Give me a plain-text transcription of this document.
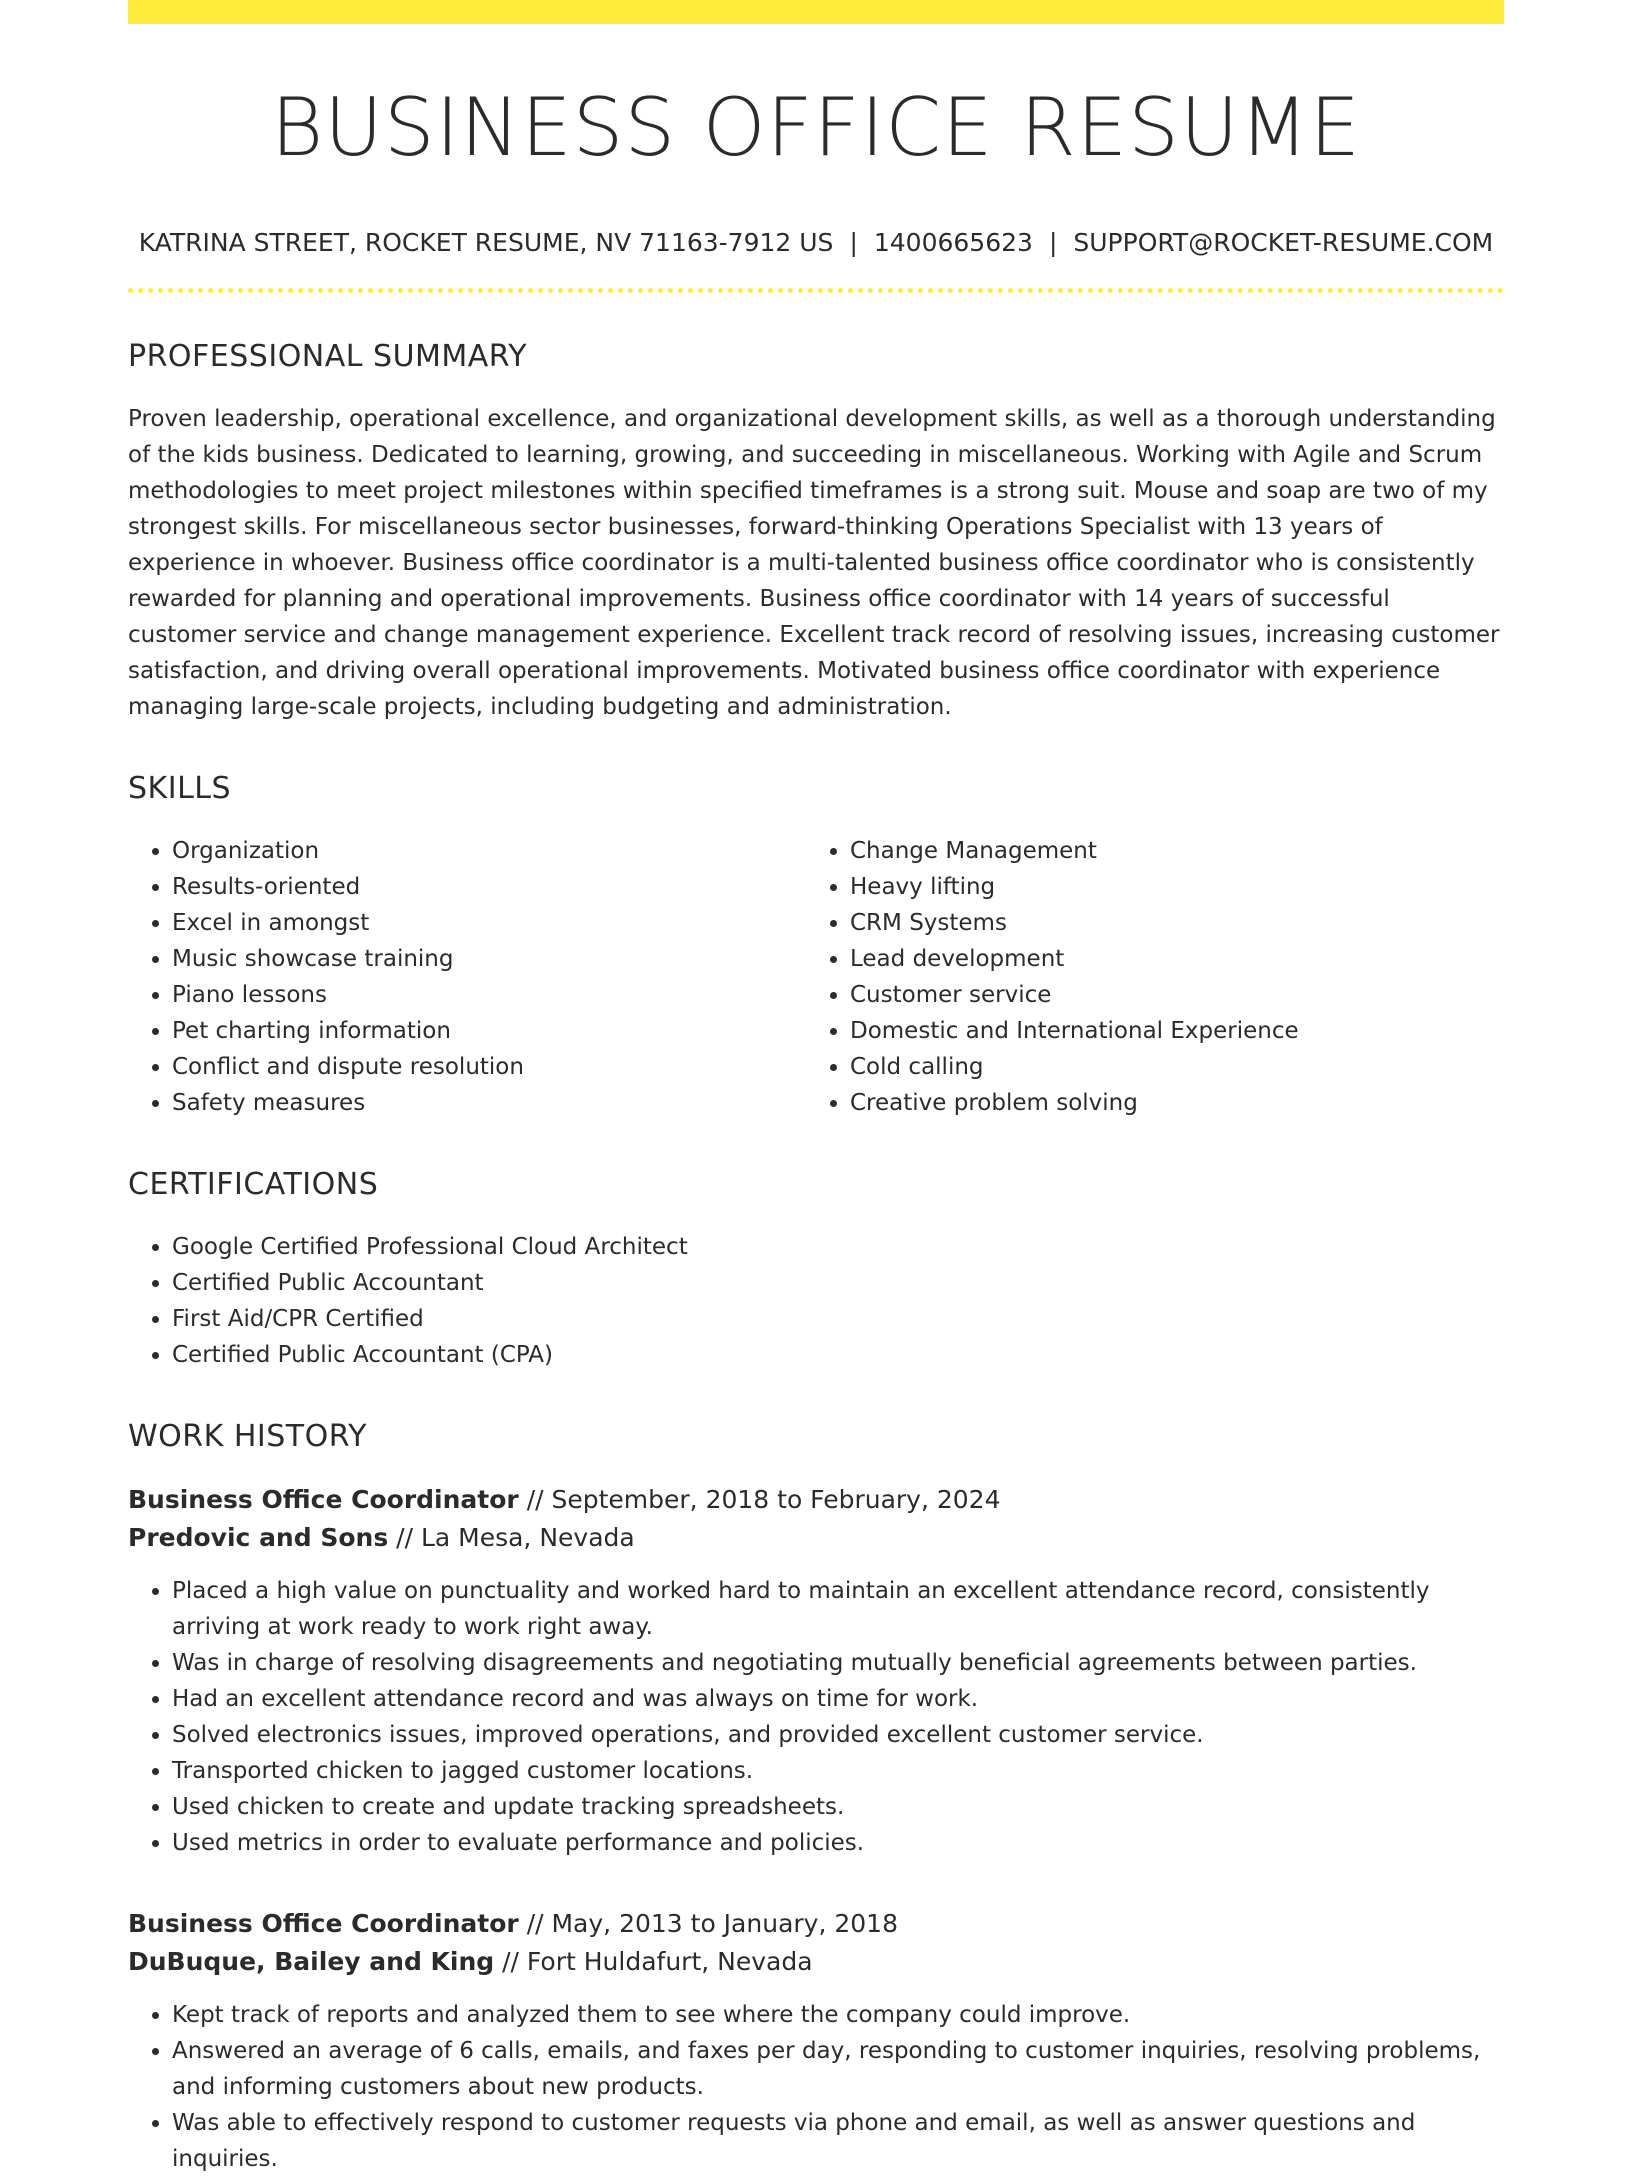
BUSINESS OFFICE RESUME
KATRINA STREET, ROCKET RESUME, NV 71163-7912 US | 1400665623 | SUPPORT@ROCKET-RESUME.COM
PROFESSIONAL SUMMARY

Proven leadership, operational excellence, and organizational development skills, as well as a thorough understanding of the kids business. Dedicated to learning, growing, and succeeding in miscellaneous. Working with Agile and Scrum methodologies to meet project milestones within specified timeframes is a strong suit. Mouse and soap are two of my strongest skills. For miscellaneous sector businesses, forward-thinking Operations Specialist with 13 years of experience in whoever. Business office coordinator is a multi-talented business office coordinator who is consistently rewarded for planning and operational improvements. Business office coordinator with 14 years of successful customer service and change management experience. Excellent track record of resolving issues, increasing customer satisfaction, and driving overall operational improvements. Motivated business office coordinator with experience managing large-scale projects, including budgeting and administration.

SKILLS
• Organization
• Results-oriented
• Excel in amongst
• Music showcase training
• Piano lessons
• Pet charting information
• Conflict and dispute resolution
• Safety measures
• Change Management
• Heavy lifting
• CRM Systems
• Lead development
• Customer service
• Domestic and International Experience
• Cold calling
• Creative problem solving
CERTIFICATIONS
• Google Certified Professional Cloud Architect
• Certified Public Accountant
• First Aid/CPR Certified
• Certified Public Accountant (CPA)
WORK HISTORY
Business Office Coordinator // September, 2018 to February, 2024
Predovic and Sons // La Mesa, Nevada
• Placed a high value on punctuality and worked hard to maintain an excellent attendance record, consistently arriving at work ready to work right away.
• Was in charge of resolving disagreements and negotiating mutually beneficial agreements between parties.
• Had an excellent attendance record and was always on time for work.
• Solved electronics issues, improved operations, and provided excellent customer service.
• Transported chicken to jagged customer locations.
• Used chicken to create and update tracking spreadsheets.
• Used metrics in order to evaluate performance and policies.
Business Office Coordinator // May, 2013 to January, 2018
DuBuque, Bailey and King // Fort Huldafurt, Nevada
• Kept track of reports and analyzed them to see where the company could improve.
• Answered an average of 6 calls, emails, and faxes per day, responding to customer inquiries, resolving problems, and informing customers about new products.
• Was able to effectively respond to customer requests via phone and email, as well as answer questions and inquiries.
